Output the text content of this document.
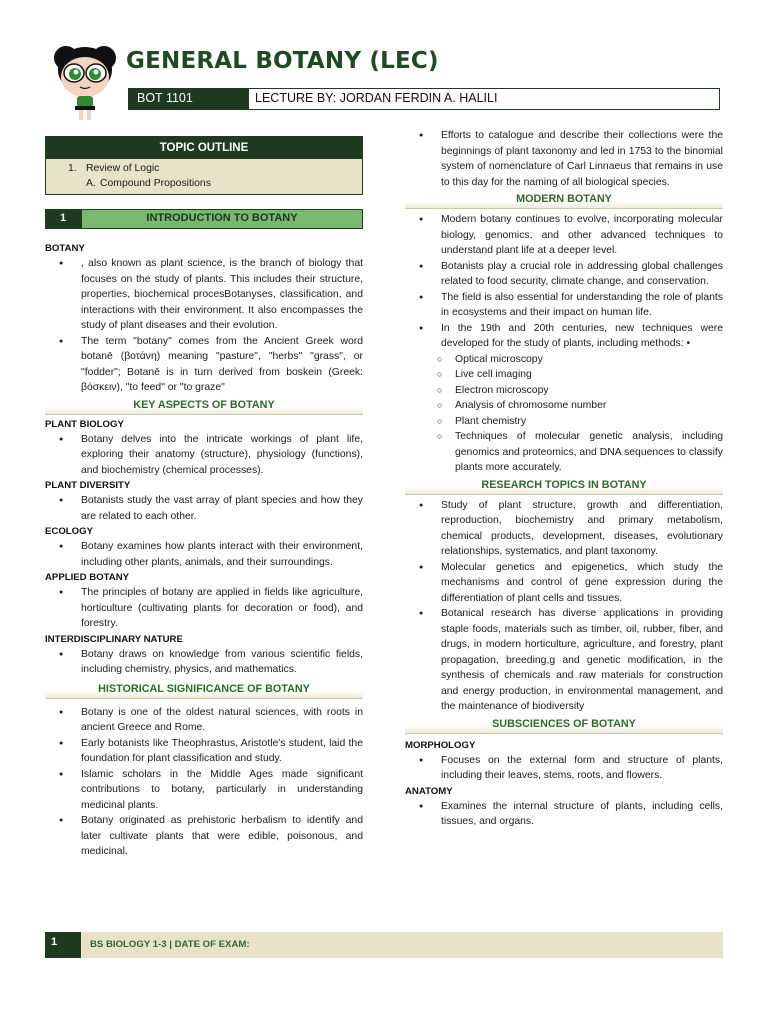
GENERAL BOTANY (LEC)
BOT 1101	LECTURE BY: JORDAN FERDIN A. HALILI
TOPIC OUTLINE
1. Review of Logic
A. Compound Propositions
1	INTRODUCTION TO BOTANY
BOTANY
● , also known as plant science, is the branch of biology that focuses on the study of plants. This includes their structure, properties, biochemical procesBotanyses, classification, and interactions with their environment. It also encompasses the study of plant diseases and their evolution.
● The term "botany" comes from the Ancient Greek word botanē (βοτάνη) meaning "pasture", "herbs" "grass", or "fodder"; Botanē is in turn derived from boskein (Greek: βόσκειν), "to feed" or "to graze"
KEY ASPECTS OF BOTANY
PLANT BIOLOGY
● Botany delves into the intricate workings of plant life, exploring their anatomy (structure), physiology (functions), and biochemistry (chemical processes).
PLANT DIVERSITY
● Botanists study the vast array of plant species and how they are related to each other.
ECOLOGY
● Botany examines how plants interact with their environment, including other plants, animals, and their surroundings.
APPLIED BOTANY
● The principles of botany are applied in fields like agriculture, horticulture (cultivating plants for decoration or food), and forestry.
INTERDISCIPLINARY NATURE
● Botany draws on knowledge from various scientific fields, including chemistry, physics, and mathematics.
HISTORICAL SIGNIFICANCE OF BOTANY
● Botany is one of the oldest natural sciences, with roots in ancient Greece and Rome.
● Early botanists like Theophrastus, Aristotle's student, laid the foundation for plant classification and study.
● Islamic scholars in the Middle Ages made significant contributions to botany, particularly in understanding medicinal plants.
● Botany originated as prehistoric herbalism to identify and later cultivate plants that were edible, poisonous, and medicinal.
● Efforts to catalogue and describe their collections were the beginnings of plant taxonomy and led in 1753 to the binomial system of nomenclature of Carl Linnaeus that remains in use to this day for the naming of all biological species.
MODERN BOTANY
● Modern botany continues to evolve, incorporating molecular biology, genomics, and other advanced techniques to understand plant life at a deeper level.
● Botanists play a crucial role in addressing global challenges related to food security, climate change, and conservation.
● The field is also essential for understanding the role of plants in ecosystems and their impact on human life.
● In the 19th and 20th centuries, new techniques were developed for the study of plants, including methods: •
○ Optical microscopy
○ Live cell imaging
○ Electron microscopy
○ Analysis of chromosome number
○ Plant chemistry
○ Techniques of molecular genetic analysis, including genomics and proteomics, and DNA sequences to classify plants more accurately.
RESEARCH TOPICS IN BOTANY
● Study of plant structure, growth and differentiation, reproduction, biochemistry and primary metabolism, chemical products, development, diseases, evolutionary relationships, systematics, and plant taxonomy.
● Molecular genetics and epigenetics, which study the mechanisms and control of gene expression during the differentiation of plant cells and tissues.
● Botanical research has diverse applications in providing staple foods, materials such as timber, oil, rubber, fiber, and drugs, in modern horticulture, agriculture, and forestry, plant propagation, breeding,g and genetic modification, in the synthesis of chemicals and raw materials for construction and energy production, in environmental management, and the maintenance of biodiversity
SUBSCIENCES OF BOTANY
MORPHOLOGY
● Focuses on the external form and structure of plants, including their leaves, stems, roots, and flowers.
ANATOMY
● Examines the internal structure of plants, including cells, tissues, and organs.
1	BS BIOLOGY 1-3 | DATE OF EXAM:
